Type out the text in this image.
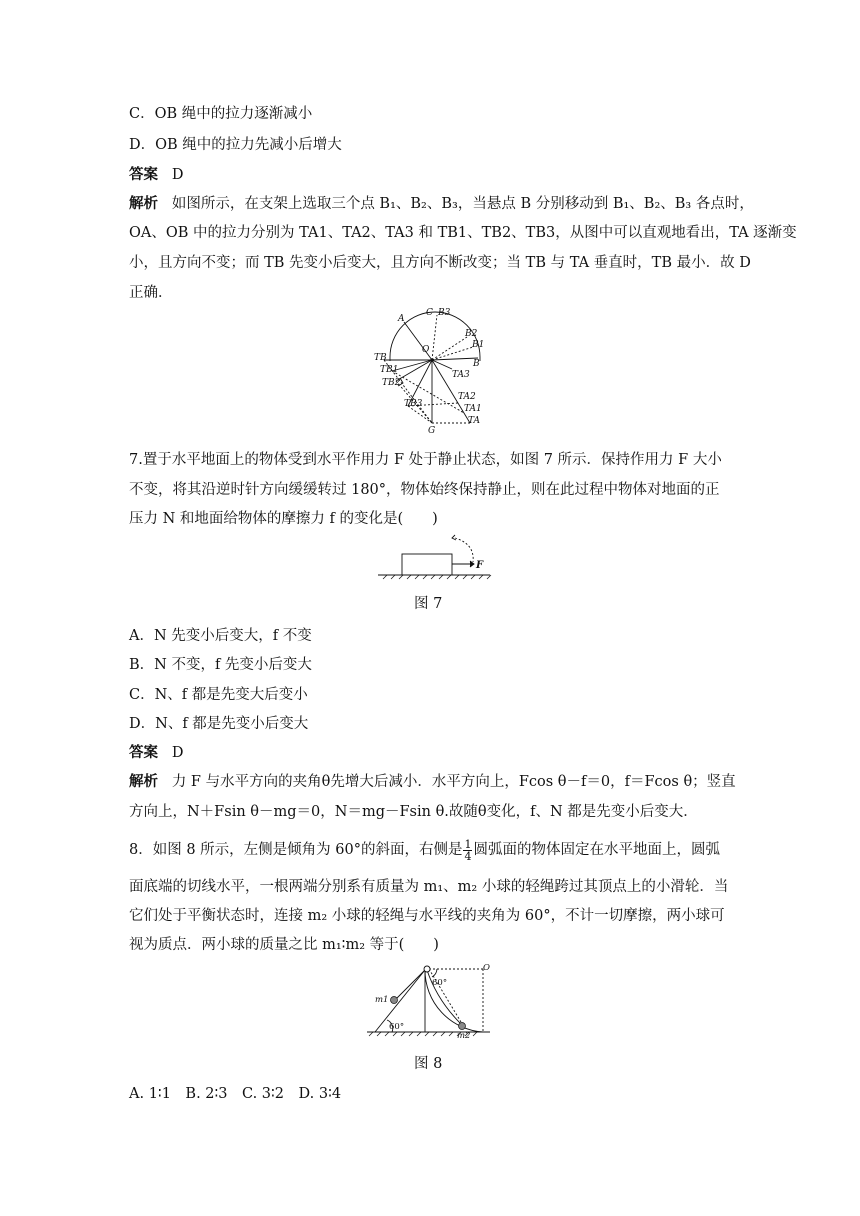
C．OB 绳中的拉力逐渐减小
D．OB 绳中的拉力先减小后增大
答案 D
解析 如图所示，在支架上选取三个点 B₁、B₂、B₃，当悬点 B 分别移动到 B₁、B₂、B₃ 各点时，
OA、OB 中的拉力分别为 TA1、TA2、TA3 和 TB1、TB2、TB3，从图中可以直观地看出，TA 逐渐变
小，且方向不变；而 TB 先变小后变大，且方向不断改变；当 TB 与 TA 垂直时，TB 最小．故 D
正确．
A
C B3
B2
B1
O
B
TB
TB1
TB2
TB3
TA3
TA2
TA1
TA
G
7.置于水平地面上的物体受到水平作用力 F 处于静止状态，如图 7 所示．保持作用力 F 大小
不变，将其沿逆时针方向缓缓转过 180°，物体始终保持静止，则在此过程中物体对地面的正
压力 N 和地面给物体的摩擦力 f 的变化是(　　)
F
图 7
A．N 先变小后变大，f 不变
B．N 不变，f 先变小后变大
C．N、f 都是先变大后变小
D．N、f 都是先变小后变大
答案 D
解析 力 F 与水平方向的夹角θ先增大后减小．水平方向上，Fcos θ－f＝0，f＝Fcos θ；竖直
方向上，N＋Fsin θ－mg＝0，N＝mg－Fsin θ.故随θ变化，f、N 都是先变小后变大．
8．如图 8 所示，左侧是倾角为 60°的斜面，右侧是 $\frac{1}{4}$ 圆弧面的物体固定在水平地面上，圆弧
面底端的切线水平，一根两端分别系有质量为 m₁、m₂ 小球的轻绳跨过其顶点上的小滑轮．当
它们处于平衡状态时，连接 m₂ 小球的轻绳与水平线的夹角为 60°，不计一切摩擦，两小球可
视为质点．两小球的质量之比 m₁∶m₂ 等于(　　)
O
60°
m1
m2
60°
图 8
A. 1∶1　B. 2∶3　C. 3∶2　D. 3∶4
